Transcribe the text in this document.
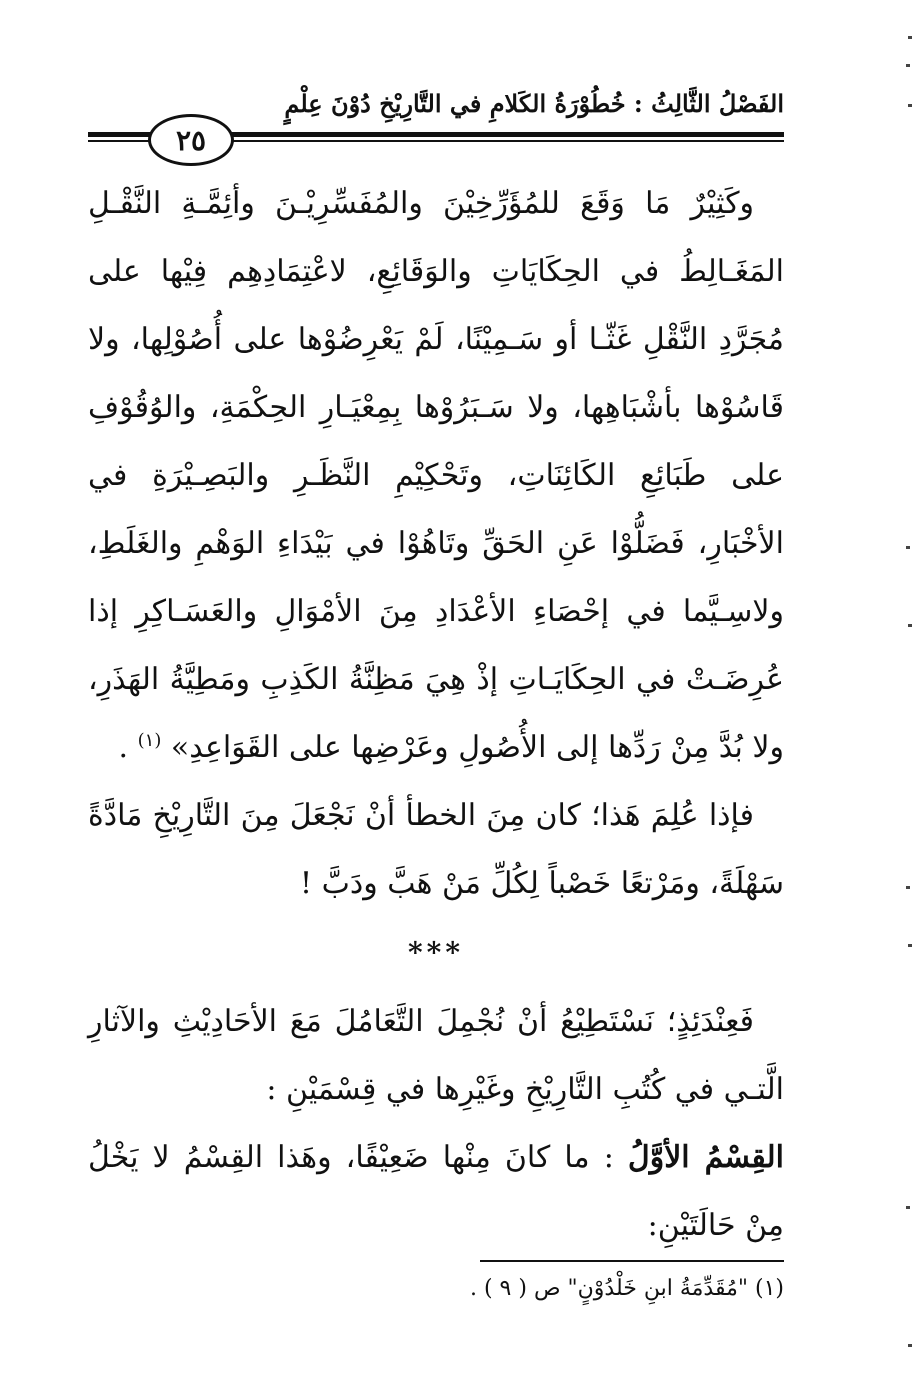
الفَصْلُ الثَّالِثُ : خُطُوْرَةُ الكَلامِ في التَّارِيْخِ دُوْنَ عِلْمٍ
٢٥

وكَثِيْرٌ مَا وَقَعَ للمُؤَرِّخِيْنَ والمُفَسِّرِيْـنَ وأئِمَّـةِ النَّقْـلِ المَغَـالِطُ في الحِكَايَاتِ والوَقَائِعِ، لاعْتِمَادِهِم فِيْها على مُجَرَّدِ النَّقْلِ غَثّـا أو سَـمِيْنًا، لَمْ يَعْرِضُوْها على أُصُوْلِها، ولا قَاسُوْها بأشْبَاهِها، ولا سَـبَرُوْها بِمِعْيَـارِ الحِكْمَةِ، والوُقُوْفِ على طَبَائِعِ الكَائِنَاتِ، وتَحْكِيْمِ النَّظَـرِ والبَصِـيْرَةِ في الأخْبَارِ، فَضَلُّوْا عَنِ الحَقِّ وتَاهُوْا في بَيْدَاءِ الوَهْمِ والغَلَطِ، ولاسِـيَّما في إحْصَاءِ الأعْدَادِ مِنَ الأمْوَالِ والعَسَـاكِرِ إذا عُرِضَـتْ في الحِكَايَـاتِ إذْ هِيَ مَظِنَّةُ الكَذِبِ ومَطِيَّةُ الهَذَرِ، ولا بُدَّ مِنْ رَدِّها إلى الأُصُولِ وعَرْضِها على القَوَاعِدِ» $^{(١)}$ .

فإذا عُلِمَ هَذا؛ كان مِنَ الخطأ أنْ نَجْعَلَ مِنَ التَّارِيْخِ مَادَّةً سَهْلَةً، ومَرْتعًا خَصْباً لِكُلِّ مَنْ هَبَّ ودَبَّ !

***

فَعِنْدَئِذٍ؛ نَسْتَطِيْعُ أنْ نُجْمِلَ التَّعَامُلَ مَعَ الأحَادِيْثِ والآثارِ الَّتـي في كُتُبِ التَّارِيْخِ وغَيْرِها في قِسْمَيْنِ :

القِسْمُ الأوَّلُ : ما كانَ مِنْها ضَعِيْفًا، وهَذا القِسْمُ لا يَخْلُ مِنْ حَالَتَيْنِ:

(١) "مُقَدِّمَةُ ابنِ خَلْدُوْنٍ" ص ( ٩ ) .
